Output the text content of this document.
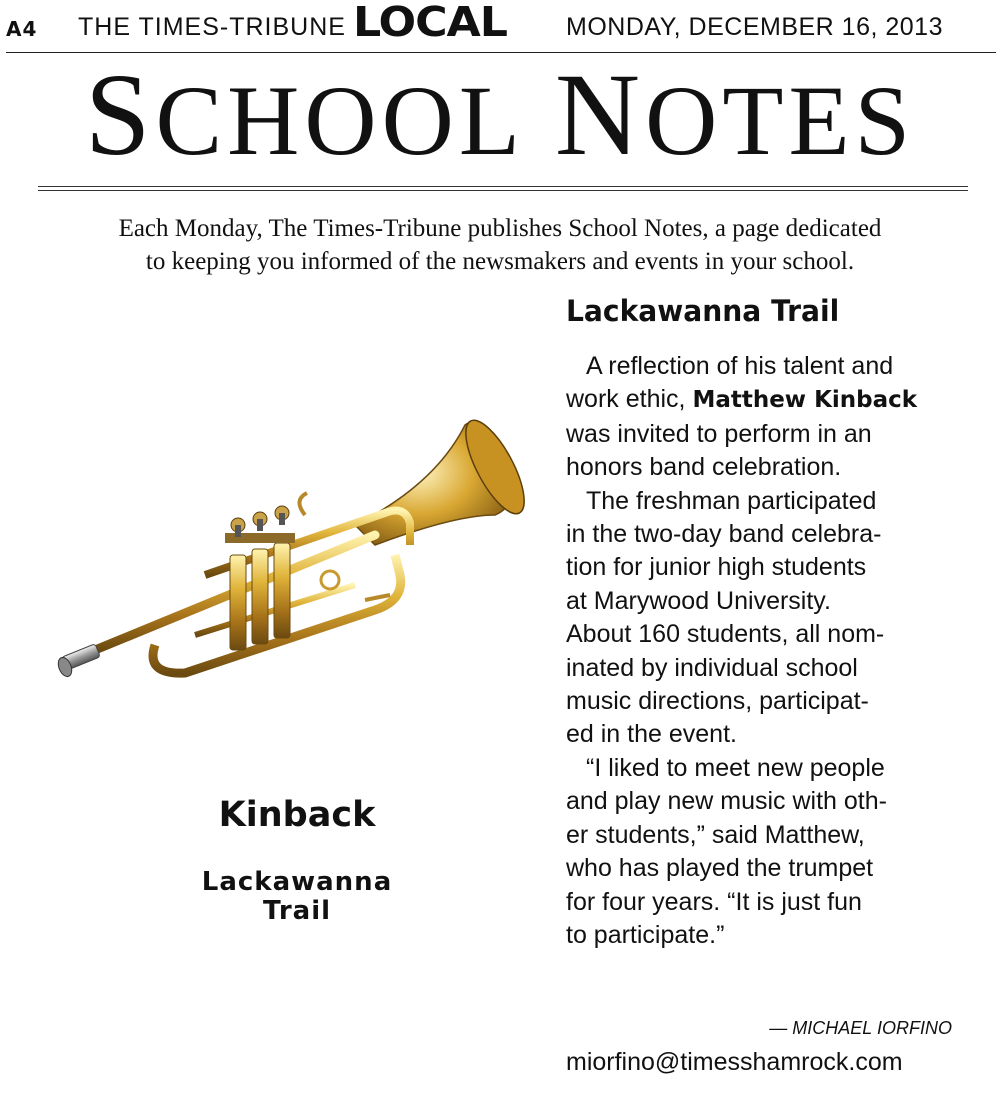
A4 THE TIMES-TRIBUNE LOCAL MONDAY, DECEMBER 16, 2013
SCHOOL NOTES
Each Monday, The Times-Tribune publishes School Notes, a page dedicated
to keeping you informed of the newsmakers and events in your school.
Kinback
Lackawanna
Trail
Lackawanna Trail
A reflection of his talent and
work ethic, Matthew Kinback
was invited to perform in an
honors band celebration.
The freshman participated
in the two-day band celebra-
tion for junior high students
at Marywood University.
About 160 students, all nom-
inated by individual school
music directions, participat-
ed in the event.
“I liked to meet new people
and play new music with oth-
er students,” said Matthew,
who has played the trumpet
for four years. “It is just fun
to participate.”
— MICHAEL IORFINO
miorfino@timesshamrock.com
